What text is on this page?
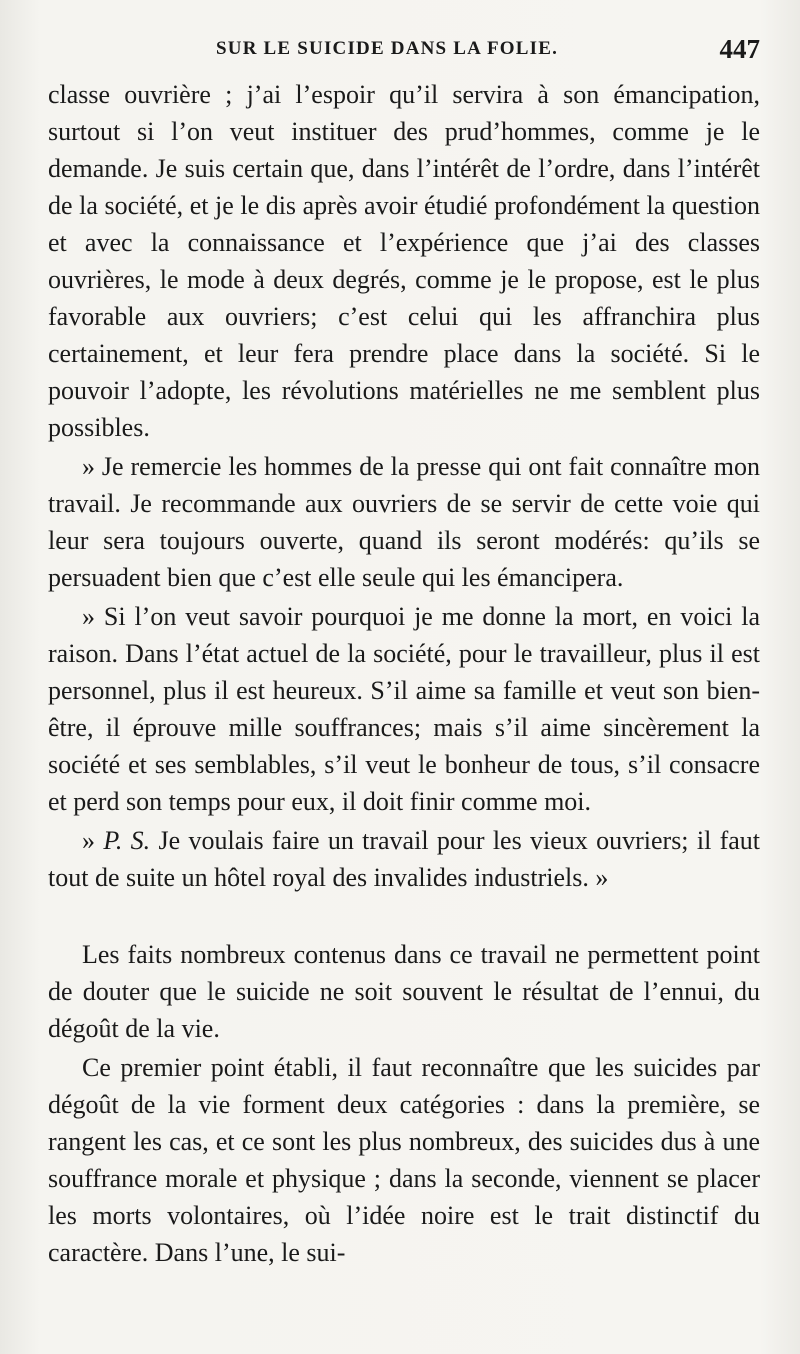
SUR LE SUICIDE DANS LA FOLIE.	447

classe ouvrière ; j’ai l’espoir qu’il servira à son émancipation, surtout si l’on veut instituer des prud’hommes, comme je le demande. Je suis certain que, dans l’intérêt de l’ordre, dans l’intérêt de la société, et je le dis après avoir étudié profondément la question et avec la connaissance et l’expérience que j’ai des classes ouvrières, le mode à deux degrés, comme je le propose, est le plus favorable aux ouvriers; c’est celui qui les affranchira plus certainement, et leur fera prendre place dans la société. Si le pouvoir l’adopte, les révolutions matérielles ne me semblent plus possibles.

» Je remercie les hommes de la presse qui ont fait connaître mon travail. Je recommande aux ouvriers de se servir de cette voie qui leur sera toujours ouverte, quand ils seront modérés: qu’ils se persuadent bien que c’est elle seule qui les émancipera.

» Si l’on veut savoir pourquoi je me donne la mort, en voici la raison. Dans l’état actuel de la société, pour le travailleur, plus il est personnel, plus il est heureux. S’il aime sa famille et veut son bien-être, il éprouve mille souffrances; mais s’il aime sincèrement la société et ses semblables, s’il veut le bonheur de tous, s’il consacre et perd son temps pour eux, il doit finir comme moi.

» P. S. Je voulais faire un travail pour les vieux ouvriers; il faut tout de suite un hôtel royal des invalides industriels. »

Les faits nombreux contenus dans ce travail ne permettent point de douter que le suicide ne soit souvent le résultat de l’ennui, du dégoût de la vie.

Ce premier point établi, il faut reconnaître que les suicides par dégoût de la vie forment deux catégories : dans la première, se rangent les cas, et ce sont les plus nombreux, des suicides dus à une souffrance morale et physique ; dans la seconde, viennent se placer les morts volontaires, où l’idée noire est le trait distinctif du caractère. Dans l’une, le sui-
